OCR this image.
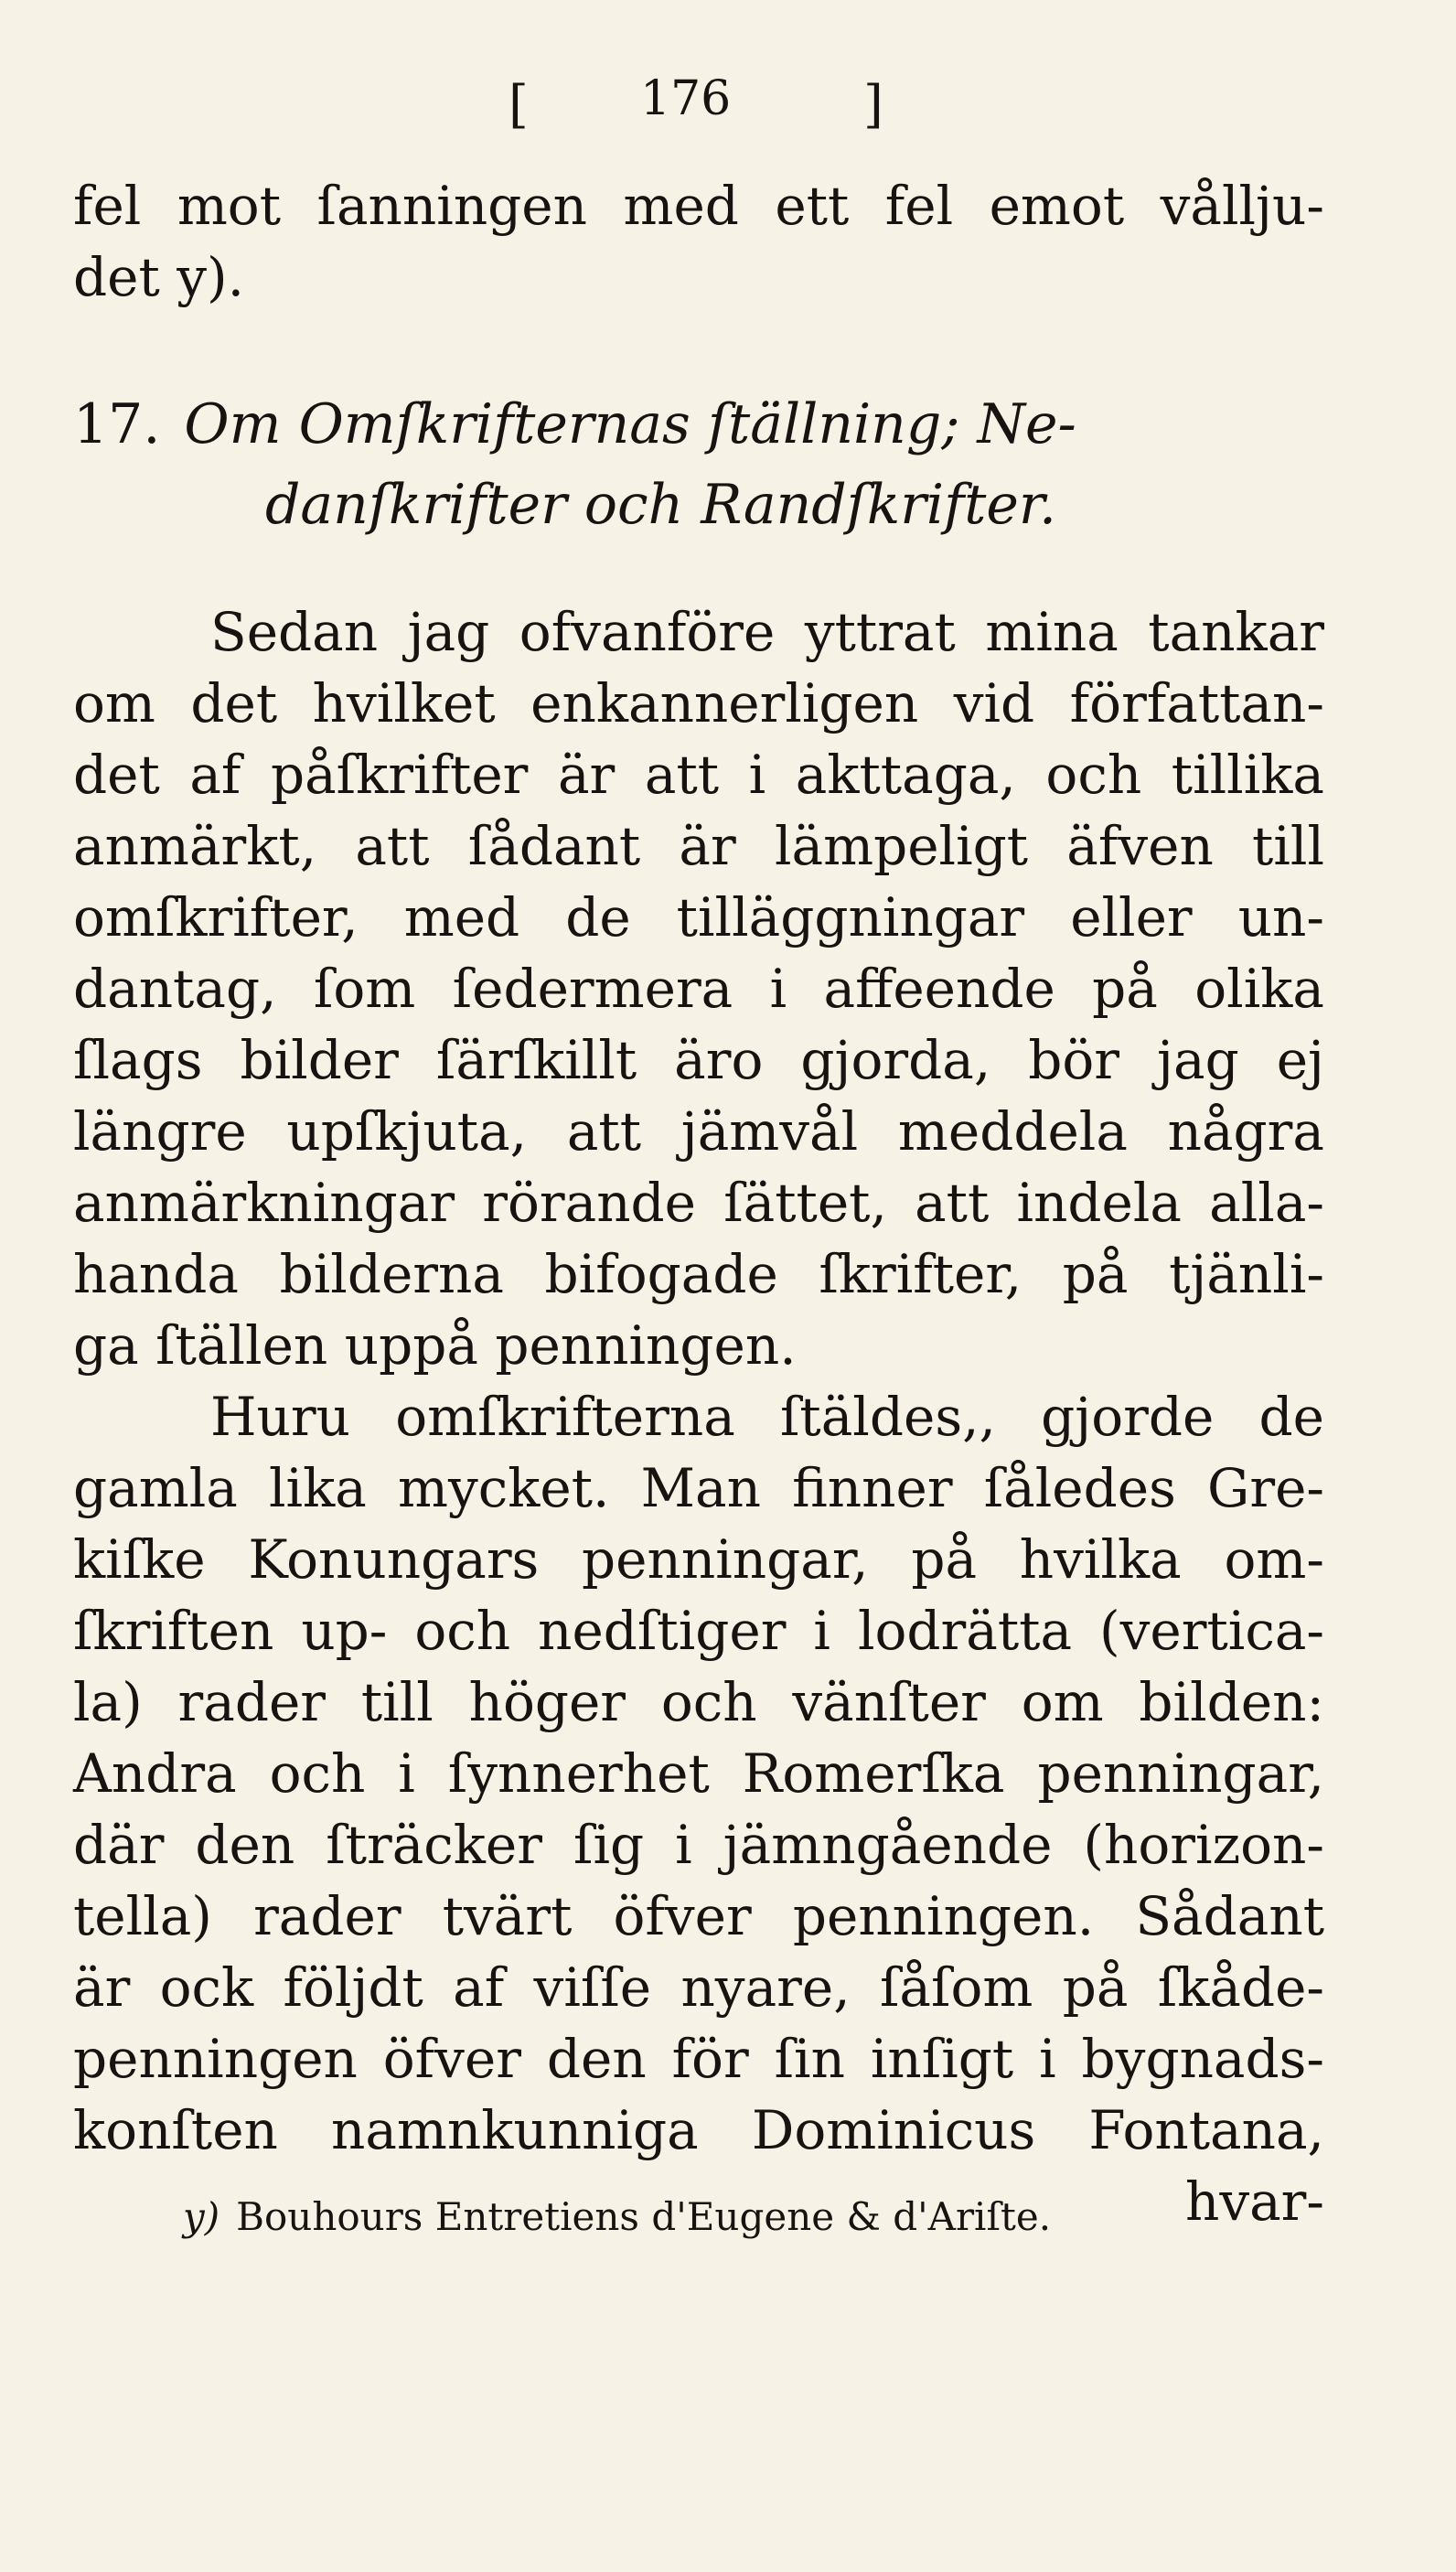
[ 176	]
fel mot ſanningen med ett fel emot vållju-
det y).
17. Om Omſkrifternas ſtällning; Ne-
danſkrifter och Randſkrifter.
Sedan jag ofvanföre yttrat mina tankar
om det hvilket enkannerligen vid författan-
det af påſkrifter är att i akttaga, och tillika
anmärkt, att ſådant är lämpeligt äfven till
omſkrifter, med de tilläggningar eller un-
dantag, ſom ſedermera i affeende på olika
ſlags bilder ſärſkillt äro gjorda, bör jag ej
längre upſkjuta, att jämvål meddela några
anmärkningar rörande ſättet, att indela alla-
handa bilderna bifogade ſkrifter, på tjänli-
ga ſtällen uppå penningen.
Huru omſkrifterna ſtäldes,, gjorde de
gamla lika mycket. Man finner ſåledes Gre-
kiſke Konungars penningar, på hvilka om-
ſkriften up- och nedſtiger i lodrätta (vertica-
la) rader till höger och vänſter om bilden:
Andra och i ſynnerhet Romerſka penningar,
där den ſträcker ſig i jämngående (horizon-
tella) rader tvärt öfver penningen. Sådant
är ock följdt af viſſe nyare, ſåſom på ſkåde-
penningen öfver den för ſin inſigt i bygnads-
konſten namnkunniga Dominicus Fontana,
hvar-
y) Bouhours Entretiens d'Eugene & d'Ariſte.
